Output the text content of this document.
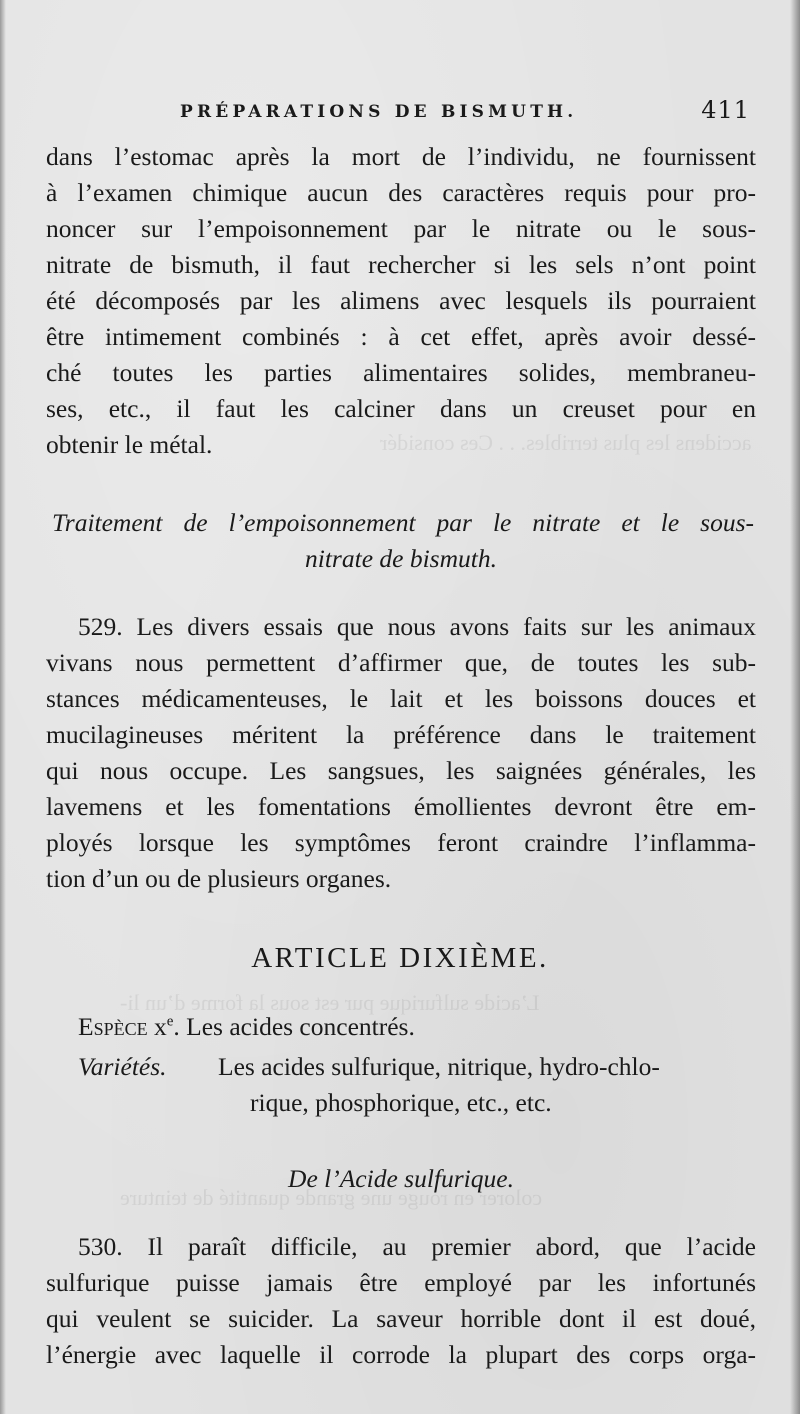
accidens les plus terribles. . . Ces considér
L’acide sulfurique pur est sous la forme d’un li-
colorer en rouge une grande quantité de teinture
PRÉPARATIONS DE BISMUTH.	411
dans l’estomac après la mort de l’individu, ne fournissent
à l’examen chimique aucun des caractères requis pour pro-
noncer sur l’empoisonnement par le nitrate ou le sous-
nitrate de bismuth, il faut rechercher si les sels n’ont point
été décomposés par les alimens avec lesquels ils pourraient
être intimement combinés : à cet effet, après avoir dessé-
ché toutes les parties alimentaires solides, membraneu-
ses, etc., il faut les calciner dans un creuset pour en
obtenir le métal.
Traitement de l’empoisonnement par le nitrate et le sous-
nitrate de bismuth.
529. Les divers essais que nous avons faits sur les animaux
vivans nous permettent d’affirmer que, de toutes les sub-
stances médicamenteuses, le lait et les boissons douces et
mucilagineuses méritent la préférence dans le traitement
qui nous occupe. Les sangsues, les saignées générales, les
lavemens et les fomentations émollientes devront être em-
ployés lorsque les symptômes feront craindre l’inflamma-
tion d’un ou de plusieurs organes.
ARTICLE DIXIÈME.
Espèce $x^e$. Les acides concentrés.
Variétés. Les acides sulfurique, nitrique, hydro-chlo-
rique, phosphorique, etc., etc.
De l’Acide sulfurique.
530. Il paraît difficile, au premier abord, que l’acide
sulfurique puisse jamais être employé par les infortunés
qui veulent se suicider. La saveur horrible dont il est doué,
l’énergie avec laquelle il corrode la plupart des corps orga-
